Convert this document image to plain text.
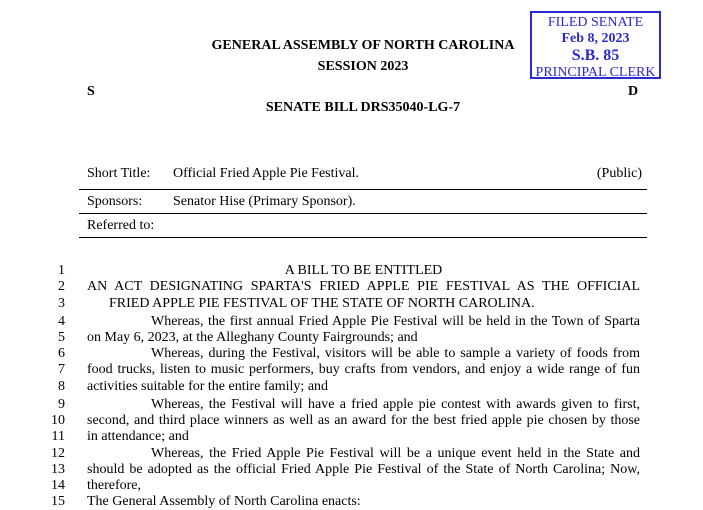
GENERAL ASSEMBLY OF NORTH CAROLINA
SESSION 2023
S	D
SENATE BILL DRS35040-LG-7
FILED SENATE
Feb 8, 2023
S.B. 85
PRINCIPAL CLERK
Short Title: Official Fried Apple Pie Festival.	(Public)
Sponsors: Senator Hise (Primary Sponsor).
Referred to:
1	A BILL TO BE ENTITLED
2 AN ACT DESIGNATING SPARTA'S FRIED APPLE PIE FESTIVAL AS THE OFFICIAL
3	FRIED APPLE PIE FESTIVAL OF THE STATE OF NORTH CAROLINA.
4	Whereas, the first annual Fried Apple Pie Festival will be held in the Town of Sparta
5 on May 6, 2023, at the Alleghany County Fairgrounds; and
6	Whereas, during the Festival, visitors will be able to sample a variety of foods from
7 food trucks, listen to music performers, buy crafts from vendors, and enjoy a wide range of fun
8 activities suitable for the entire family; and
9	Whereas, the Festival will have a fried apple pie contest with awards given to first,
10 second, and third place winners as well as an award for the best fried apple pie chosen by those
11 in attendance; and
12	Whereas, the Fried Apple Pie Festival will be a unique event held in the State and
13 should be adopted as the official Fried Apple Pie Festival of the State of North Carolina; Now,
14 therefore,
15 The General Assembly of North Carolina enacts:
